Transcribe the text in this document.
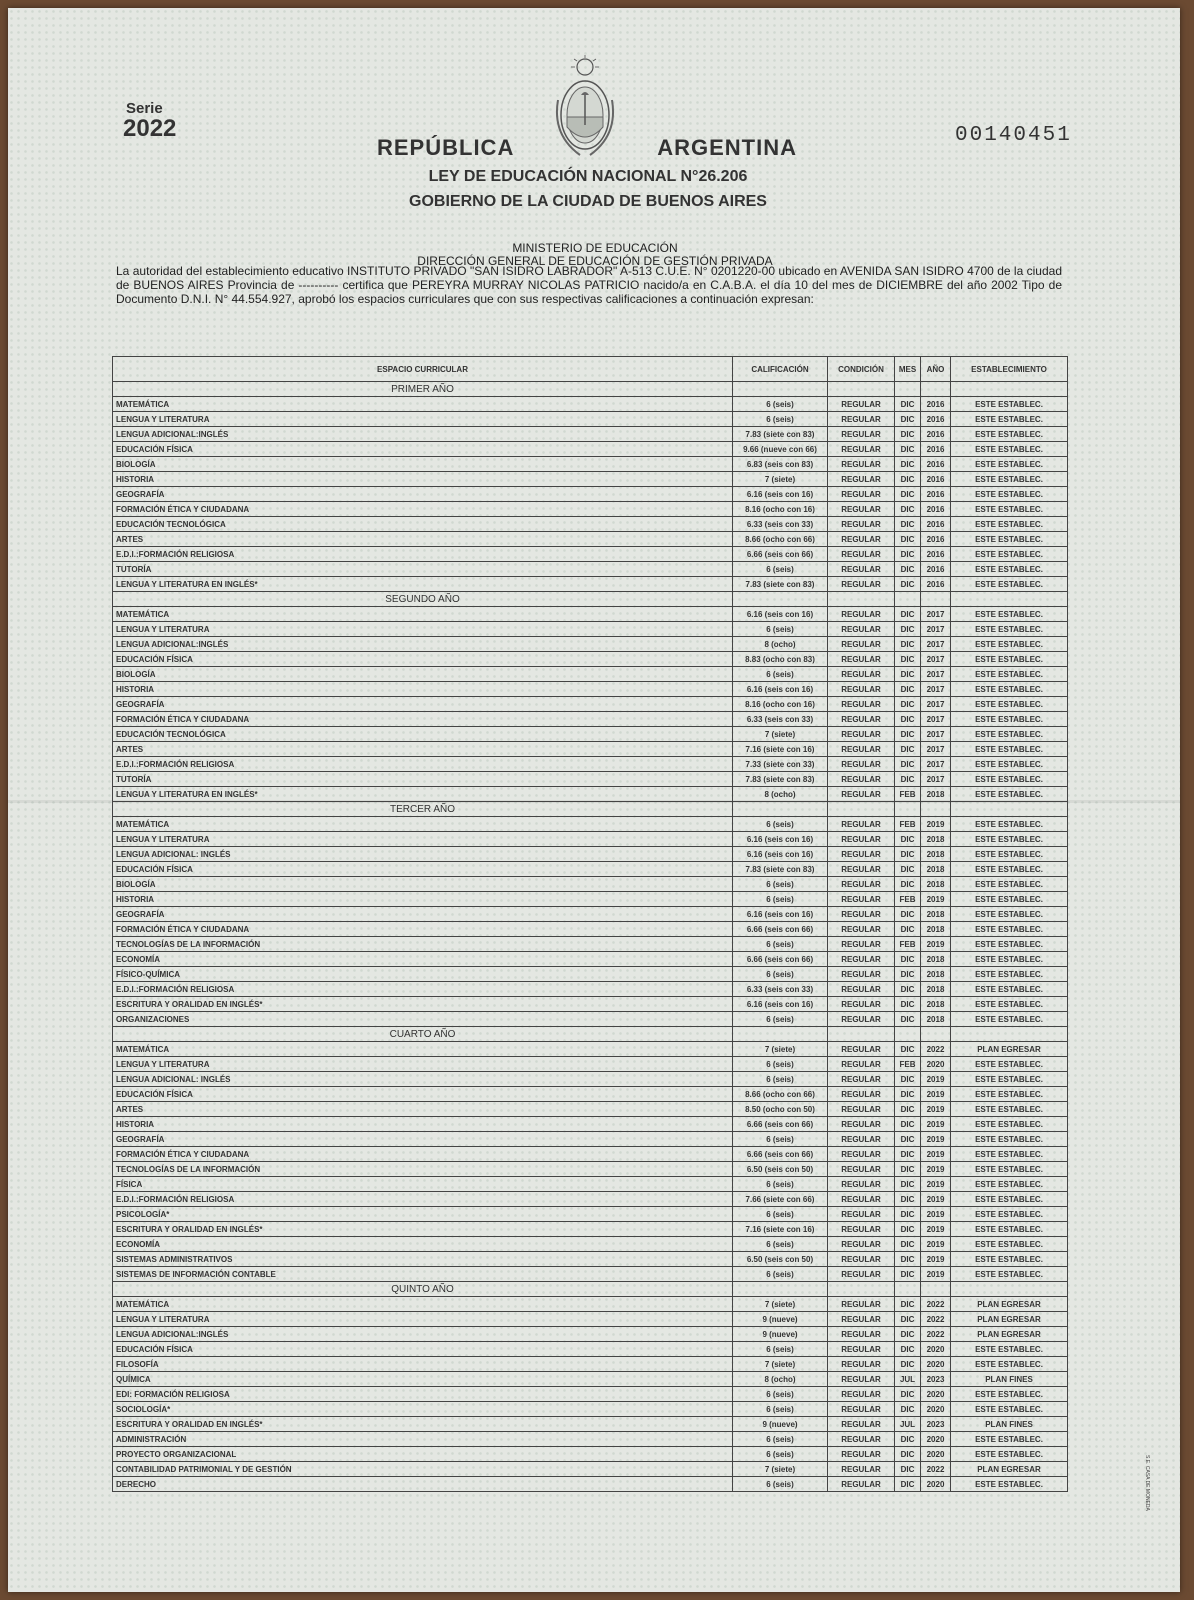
Serie
2022	00140451
REPÚBLICA	ARGENTINA
LEY DE EDUCACIÓN NACIONAL N°26.206
GOBIERNO DE LA CIUDAD DE BUENOS AIRES
MINISTERIO DE EDUCACIÓN
DIRECCIÓN GENERAL DE EDUCACIÓN DE GESTIÓN PRIVADA
La autoridad del establecimiento educativo INSTITUTO PRIVADO "SAN ISIDRO LABRADOR" A-513 C.U.E. N° 0201220-00 ubicado en AVENIDA SAN ISIDRO 4700 de la ciudad de BUENOS AIRES Provincia de ---------- certifica que PEREYRA MURRAY NICOLAS PATRICIO nacido/a en C.A.B.A. el día 10 del mes de DICIEMBRE del año 2002 Tipo de Documento D.N.I. N° 44.554.927, aprobó los espacios curriculares que con sus respectivas calificaciones a continuación expresan:
ESPACIO CURRICULAR	CALIFICACIÓN	CONDICIÓN	MES	AÑO	ESTABLECIMIENTO
PRIMER AÑO					
MATEMÁTICA	6 (seis)	REGULAR	DIC	2016	ESTE ESTABLEC.
LENGUA Y LITERATURA	6 (seis)	REGULAR	DIC	2016	ESTE ESTABLEC.
LENGUA ADICIONAL:INGLÉS	7.83 (siete con 83)	REGULAR	DIC	2016	ESTE ESTABLEC.
EDUCACIÓN FÍSICA	9.66 (nueve con 66)	REGULAR	DIC	2016	ESTE ESTABLEC.
BIOLOGÍA	6.83 (seis con 83)	REGULAR	DIC	2016	ESTE ESTABLEC.
HISTORIA	7 (siete)	REGULAR	DIC	2016	ESTE ESTABLEC.
GEOGRAFÍA	6.16 (seis con 16)	REGULAR	DIC	2016	ESTE ESTABLEC.
FORMACIÓN ÉTICA Y CIUDADANA	8.16 (ocho con 16)	REGULAR	DIC	2016	ESTE ESTABLEC.
EDUCACIÓN TECNOLÓGICA	6.33 (seis con 33)	REGULAR	DIC	2016	ESTE ESTABLEC.
ARTES	8.66 (ocho con 66)	REGULAR	DIC	2016	ESTE ESTABLEC.
E.D.I.:FORMACIÓN RELIGIOSA	6.66 (seis con 66)	REGULAR	DIC	2016	ESTE ESTABLEC.
TUTORÍA	6 (seis)	REGULAR	DIC	2016	ESTE ESTABLEC.
LENGUA Y LITERATURA EN INGLÉS*	7.83 (siete con 83)	REGULAR	DIC	2016	ESTE ESTABLEC.
SEGUNDO AÑO					
MATEMÁTICA	6.16 (seis con 16)	REGULAR	DIC	2017	ESTE ESTABLEC.
LENGUA Y LITERATURA	6 (seis)	REGULAR	DIC	2017	ESTE ESTABLEC.
LENGUA ADICIONAL:INGLÉS	8 (ocho)	REGULAR	DIC	2017	ESTE ESTABLEC.
EDUCACIÓN FÍSICA	8.83 (ocho con 83)	REGULAR	DIC	2017	ESTE ESTABLEC.
BIOLOGÍA	6 (seis)	REGULAR	DIC	2017	ESTE ESTABLEC.
HISTORIA	6.16 (seis con 16)	REGULAR	DIC	2017	ESTE ESTABLEC.
GEOGRAFÍA	8.16 (ocho con 16)	REGULAR	DIC	2017	ESTE ESTABLEC.
FORMACIÓN ÉTICA Y CIUDADANA	6.33 (seis con 33)	REGULAR	DIC	2017	ESTE ESTABLEC.
EDUCACIÓN TECNOLÓGICA	7 (siete)	REGULAR	DIC	2017	ESTE ESTABLEC.
ARTES	7.16 (siete con 16)	REGULAR	DIC	2017	ESTE ESTABLEC.
E.D.I.:FORMACIÓN RELIGIOSA	7.33 (siete con 33)	REGULAR	DIC	2017	ESTE ESTABLEC.
TUTORÍA	7.83 (siete con 83)	REGULAR	DIC	2017	ESTE ESTABLEC.
LENGUA Y LITERATURA EN INGLÉS*	8 (ocho)	REGULAR	FEB	2018	ESTE ESTABLEC.
TERCER AÑO					
MATEMÁTICA	6 (seis)	REGULAR	FEB	2019	ESTE ESTABLEC.
LENGUA Y LITERATURA	6.16 (seis con 16)	REGULAR	DIC	2018	ESTE ESTABLEC.
LENGUA ADICIONAL: INGLÉS	6.16 (seis con 16)	REGULAR	DIC	2018	ESTE ESTABLEC.
EDUCACIÓN FÍSICA	7.83 (siete con 83)	REGULAR	DIC	2018	ESTE ESTABLEC.
BIOLOGÍA	6 (seis)	REGULAR	DIC	2018	ESTE ESTABLEC.
HISTORIA	6 (seis)	REGULAR	FEB	2019	ESTE ESTABLEC.
GEOGRAFÍA	6.16 (seis con 16)	REGULAR	DIC	2018	ESTE ESTABLEC.
FORMACIÓN ÉTICA Y CIUDADANA	6.66 (seis con 66)	REGULAR	DIC	2018	ESTE ESTABLEC.
TECNOLOGÍAS DE LA INFORMACIÓN	6 (seis)	REGULAR	FEB	2019	ESTE ESTABLEC.
ECONOMÍA	6.66 (seis con 66)	REGULAR	DIC	2018	ESTE ESTABLEC.
FÍSICO-QUÍMICA	6 (seis)	REGULAR	DIC	2018	ESTE ESTABLEC.
E.D.I.:FORMACIÓN RELIGIOSA	6.33 (seis con 33)	REGULAR	DIC	2018	ESTE ESTABLEC.
ESCRITURA Y ORALIDAD EN INGLÉS*	6.16 (seis con 16)	REGULAR	DIC	2018	ESTE ESTABLEC.
ORGANIZACIONES	6 (seis)	REGULAR	DIC	2018	ESTE ESTABLEC.
CUARTO AÑO					
MATEMÁTICA	7 (siete)	REGULAR	DIC	2022	PLAN EGRESAR
LENGUA Y LITERATURA	6 (seis)	REGULAR	FEB	2020	ESTE ESTABLEC.
LENGUA ADICIONAL: INGLÉS	6 (seis)	REGULAR	DIC	2019	ESTE ESTABLEC.
EDUCACIÓN FÍSICA	8.66 (ocho con 66)	REGULAR	DIC	2019	ESTE ESTABLEC.
ARTES	8.50 (ocho con 50)	REGULAR	DIC	2019	ESTE ESTABLEC.
HISTORIA	6.66 (seis con 66)	REGULAR	DIC	2019	ESTE ESTABLEC.
GEOGRAFÍA	6 (seis)	REGULAR	DIC	2019	ESTE ESTABLEC.
FORMACIÓN ÉTICA Y CIUDADANA	6.66 (seis con 66)	REGULAR	DIC	2019	ESTE ESTABLEC.
TECNOLOGÍAS DE LA INFORMACIÓN	6.50 (seis con 50)	REGULAR	DIC	2019	ESTE ESTABLEC.
FÍSICA	6 (seis)	REGULAR	DIC	2019	ESTE ESTABLEC.
E.D.I.:FORMACIÓN RELIGIOSA	7.66 (siete con 66)	REGULAR	DIC	2019	ESTE ESTABLEC.
PSICOLOGÍA*	6 (seis)	REGULAR	DIC	2019	ESTE ESTABLEC.
ESCRITURA Y ORALIDAD EN INGLÉS*	7.16 (siete con 16)	REGULAR	DIC	2019	ESTE ESTABLEC.
ECONOMÍA	6 (seis)	REGULAR	DIC	2019	ESTE ESTABLEC.
SISTEMAS ADMINISTRATIVOS	6.50 (seis con 50)	REGULAR	DIC	2019	ESTE ESTABLEC.
SISTEMAS DE INFORMACIÓN CONTABLE	6 (seis)	REGULAR	DIC	2019	ESTE ESTABLEC.
QUINTO AÑO					
MATEMÁTICA	7 (siete)	REGULAR	DIC	2022	PLAN EGRESAR
LENGUA Y LITERATURA	9 (nueve)	REGULAR	DIC	2022	PLAN EGRESAR
LENGUA ADICIONAL:INGLÉS	9 (nueve)	REGULAR	DIC	2022	PLAN EGRESAR
EDUCACIÓN FÍSICA	6 (seis)	REGULAR	DIC	2020	ESTE ESTABLEC.
FILOSOFÍA	7 (siete)	REGULAR	DIC	2020	ESTE ESTABLEC.
QUÍMICA	8 (ocho)	REGULAR	JUL	2023	PLAN FINES
EDI: FORMACIÓN RELIGIOSA	6 (seis)	REGULAR	DIC	2020	ESTE ESTABLEC.
SOCIOLOGÍA*	6 (seis)	REGULAR	DIC	2020	ESTE ESTABLEC.
ESCRITURA Y ORALIDAD EN INGLÉS*	9 (nueve)	REGULAR	JUL	2023	PLAN FINES
ADMINISTRACIÓN	6 (seis)	REGULAR	DIC	2020	ESTE ESTABLEC.
PROYECTO ORGANIZACIONAL	6 (seis)	REGULAR	DIC	2020	ESTE ESTABLEC.
CONTABILIDAD PATRIMONIAL Y DE GESTIÓN	7 (siete)	REGULAR	DIC	2022	PLAN EGRESAR
DERECHO	6 (seis)	REGULAR	DIC	2020	ESTE ESTABLEC.	S.E. CASA DE MONEDA
